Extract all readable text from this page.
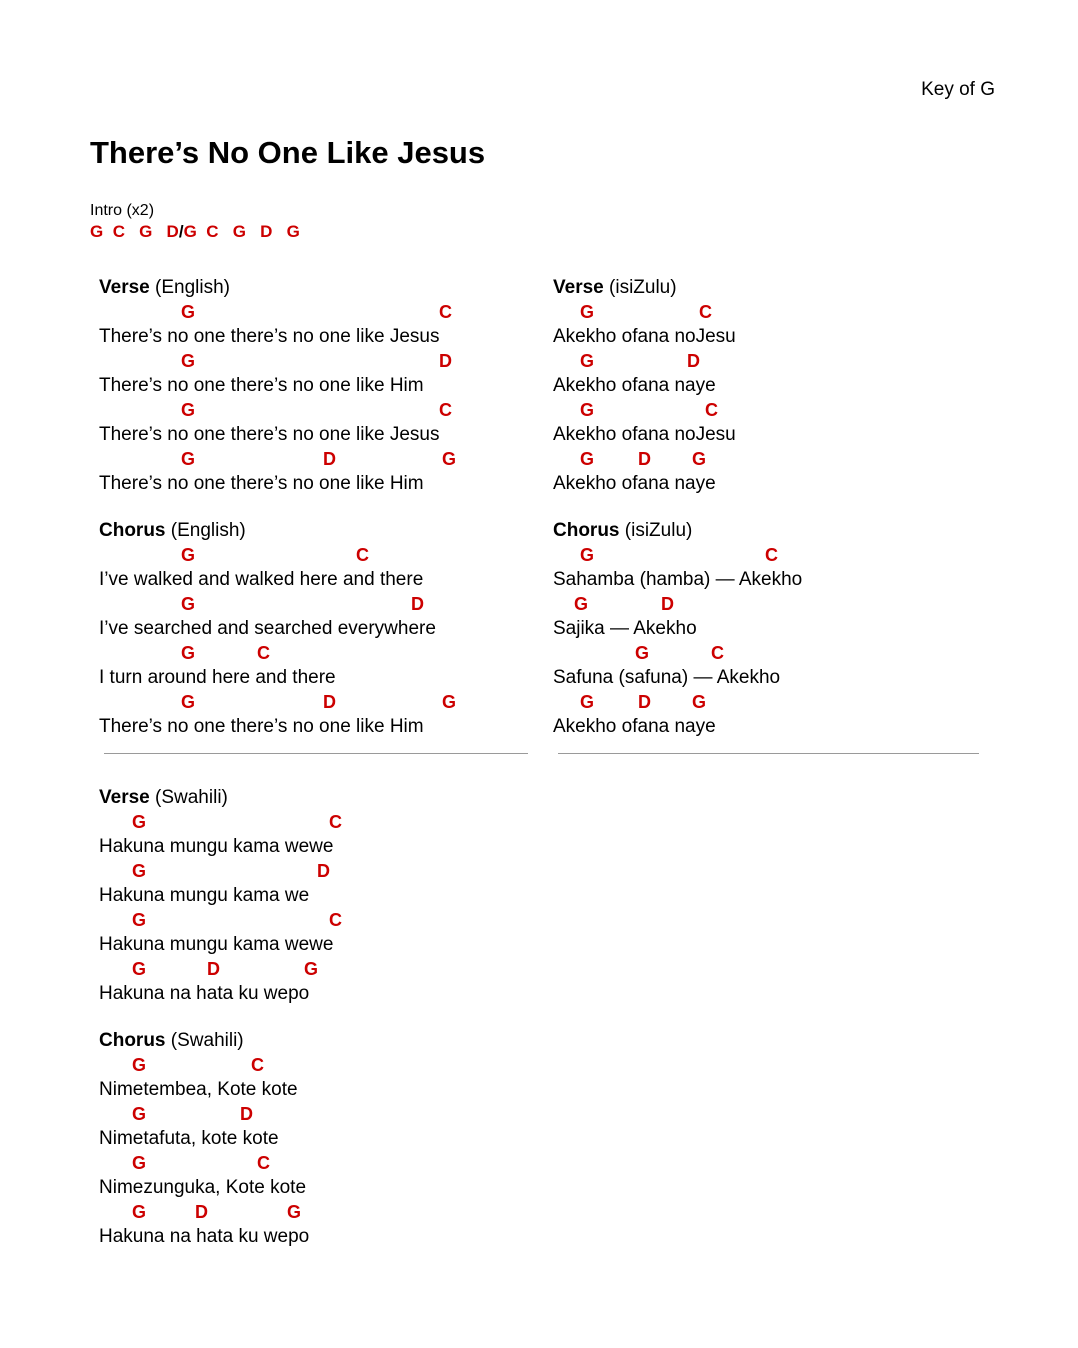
Key of G
There’s No One Like Jesus
Intro (x2)
G C G D/G C G D G
Verse (English)
G	C
There’s no one there’s no one like Jesus
G	D
There’s no one there’s no one like Him
G	C
There’s no one there’s no one like Jesus
G	D	G
There’s no one there’s no one like Him
Chorus (English)
G	C
I’ve walked and walked here and there
G	D
I’ve searched and searched everywhere
G	C
I turn around here and there
G	D	G
There’s no one there’s no one like Him
Verse (isiZulu)
G	C
Akekho ofana noJesu
G	D
Akekho ofana naye
G	C
Akekho ofana noJesu
G D G
Akekho ofana naye
Chorus (isiZulu)
G	C
Sahamba (hamba) — Akekho
G	D
Sajika — Akekho
G	C
Safuna (safuna) — Akekho
G D G
Akekho ofana naye
Verse (Swahili)
G	C
Hakuna mungu kama wewe
G	D
Hakuna mungu kama we
G	C
Hakuna mungu kama wewe
G	D	G
Hakuna na hata ku wepo
Chorus (Swahili)
G	C
Nimetembea, Kote kote
G	D
Nimetafuta, kote kote
G	C
Nimezunguka, Kote kote
G	D	G
Hakuna na hata ku wepo
